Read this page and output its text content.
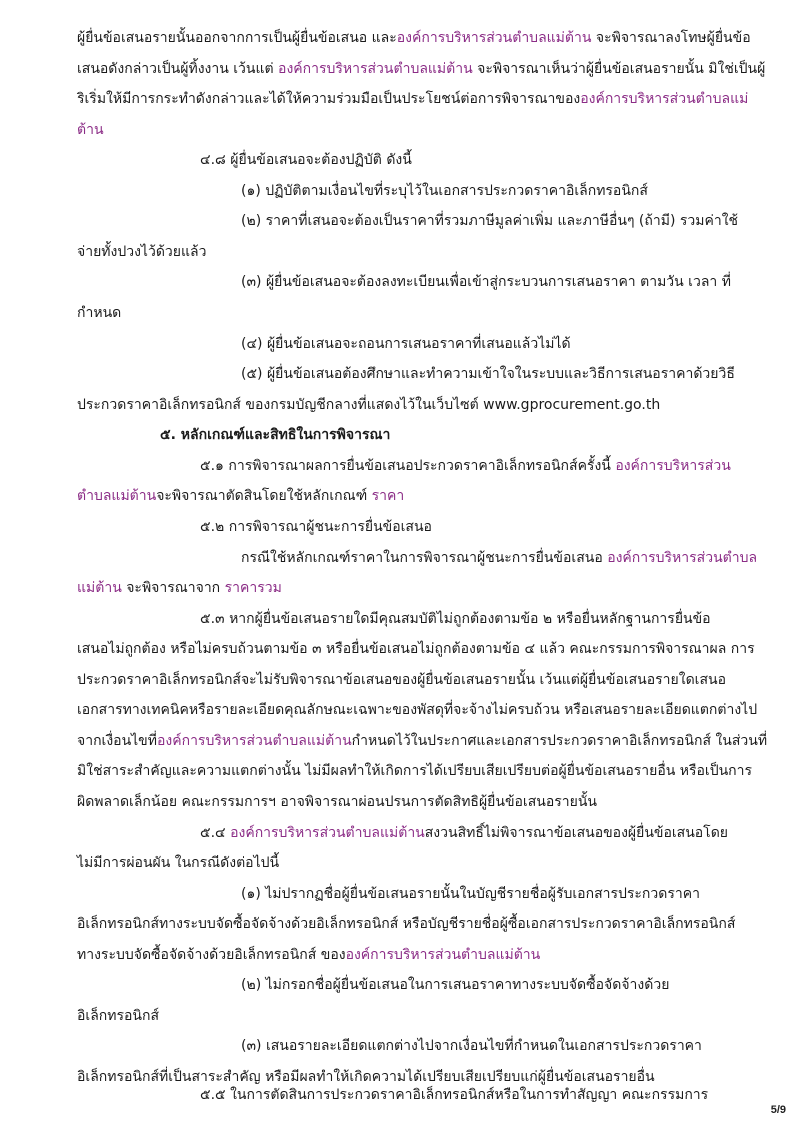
ผู้ยื่นข้อเสนอรายนั้นออกจากการเป็นผู้ยื่นข้อเสนอ และองค์การบริหารส่วนตำบลแม่ต้าน จะพิจารณาลงโทษผู้ยื่นข้อ
เสนอดังกล่าวเป็นผู้ทิ้งงาน เว้นแต่ องค์การบริหารส่วนตำบลแม่ต้าน จะพิจารณาเห็นว่าผู้ยื่นข้อเสนอรายนั้น มิใช่เป็นผู้
ริเริ่มให้มีการกระทำดังกล่าวและได้ให้ความร่วมมือเป็นประโยชน์ต่อการพิจารณาขององค์การบริหารส่วนตำบลแม่
ต้าน
๔.๘ ผู้ยื่นข้อเสนอจะต้องปฏิบัติ ดังนี้
(๑) ปฏิบัติตามเงื่อนไขที่ระบุไว้ในเอกสารประกวดราคาอิเล็กทรอนิกส์
(๒) ราคาที่เสนอจะต้องเป็นราคาที่รวมภาษีมูลค่าเพิ่ม และภาษีอื่นๆ (ถ้ามี) รวมค่าใช้
จ่ายทั้งปวงไว้ด้วยแล้ว
(๓) ผู้ยื่นข้อเสนอจะต้องลงทะเบียนเพื่อเข้าสู่กระบวนการเสนอราคา ตามวัน เวลา ที่
กำหนด
(๔) ผู้ยื่นข้อเสนอจะถอนการเสนอราคาที่เสนอแล้วไม่ได้
(๕) ผู้ยื่นข้อเสนอต้องศึกษาและทำความเข้าใจในระบบและวิธีการเสนอราคาด้วยวิธี
ประกวดราคาอิเล็กทรอนิกส์ ของกรมบัญชีกลางที่แสดงไว้ในเว็บไซต์ www.gprocurement.go.th
๕. หลักเกณฑ์และสิทธิในการพิจารณา
๕.๑ การพิจารณาผลการยื่นข้อเสนอประกวดราคาอิเล็กทรอนิกส์ครั้งนี้ องค์การบริหารส่วน
ตำบลแม่ต้านจะพิจารณาตัดสินโดยใช้หลักเกณฑ์ ราคา
๕.๒ การพิจารณาผู้ชนะการยื่นข้อเสนอ
กรณีใช้หลักเกณฑ์ราคาในการพิจารณาผู้ชนะการยื่นข้อเสนอ องค์การบริหารส่วนตำบล
แม่ต้าน จะพิจารณาจาก ราคารวม
๕.๓ หากผู้ยื่นข้อเสนอรายใดมีคุณสมบัติไม่ถูกต้องตามข้อ ๒ หรือยื่นหลักฐานการยื่นข้อ
เสนอไม่ถูกต้อง หรือไม่ครบถ้วนตามข้อ ๓ หรือยื่นข้อเสนอไม่ถูกต้องตามข้อ ๔ แล้ว คณะกรรมการพิจารณาผล การ
ประกวดราคาอิเล็กทรอนิกส์จะไม่รับพิจารณาข้อเสนอของผู้ยื่นข้อเสนอรายนั้น เว้นแต่ผู้ยื่นข้อเสนอรายใดเสนอ
เอกสารทางเทคนิคหรือรายละเอียดคุณลักษณะเฉพาะของพัสดุที่จะจ้างไม่ครบถ้วน หรือเสนอรายละเอียดแตกต่างไป
จากเงื่อนไขที่องค์การบริหารส่วนตำบลแม่ต้านกำหนดไว้ในประกาศและเอกสารประกวดราคาอิเล็กทรอนิกส์ ในส่วนที่
มิใช่สาระสำคัญและความแตกต่างนั้น ไม่มีผลทำให้เกิดการได้เปรียบเสียเปรียบต่อผู้ยื่นข้อเสนอรายอื่น หรือเป็นการ
ผิดพลาดเล็กน้อย คณะกรรมการฯ อาจพิจารณาผ่อนปรนการตัดสิทธิผู้ยื่นข้อเสนอรายนั้น
๕.๔ องค์การบริหารส่วนตำบลแม่ต้านสงวนสิทธิ์ไม่พิจารณาข้อเสนอของผู้ยื่นข้อเสนอโดย
ไม่มีการผ่อนผัน ในกรณีดังต่อไปนี้
(๑) ไม่ปรากฏชื่อผู้ยื่นข้อเสนอรายนั้นในบัญชีรายชื่อผู้รับเอกสารประกวดราคา
อิเล็กทรอนิกส์ทางระบบจัดซื้อจัดจ้างด้วยอิเล็กทรอนิกส์ หรือบัญชีรายชื่อผู้ซื้อเอกสารประกวดราคาอิเล็กทรอนิกส์
ทางระบบจัดซื้อจัดจ้างด้วยอิเล็กทรอนิกส์ ขององค์การบริหารส่วนตำบลแม่ต้าน
(๒) ไม่กรอกชื่อผู้ยื่นข้อเสนอในการเสนอราคาทางระบบจัดซื้อจัดจ้างด้วย
อิเล็กทรอนิกส์
(๓) เสนอรายละเอียดแตกต่างไปจากเงื่อนไขที่กำหนดในเอกสารประกวดราคา
อิเล็กทรอนิกส์ที่เป็นสาระสำคัญ หรือมีผลทำให้เกิดความได้เปรียบเสียเปรียบแก่ผู้ยื่นข้อเสนอรายอื่น
๕.๕ ในการตัดสินการประกวดราคาอิเล็กทรอนิกส์หรือในการทำสัญญา คณะกรรมการ
5/9
